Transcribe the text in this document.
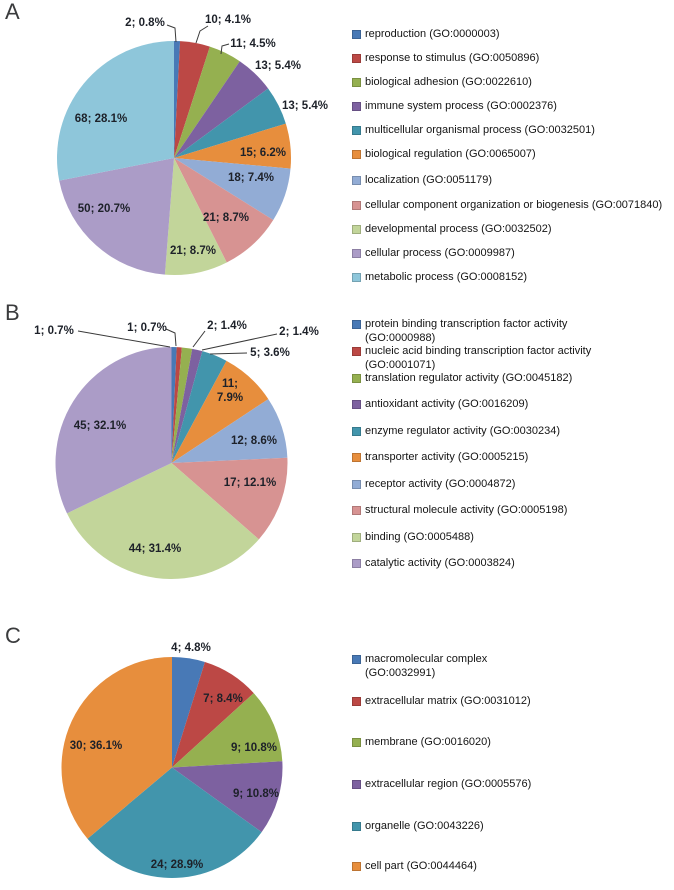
A	2; 0.8%	10; 4.1%
11; 4.5%
13; 5.4%
13; 5.4%
15; 6.2%
18; 7.4%
21; 8.7%
21; 8.7%
50; 20.7%
68; 28.1%
reproduction (GO:0000003)
response to stimulus (GO:0050896)
biological adhesion (GO:0022610)
immune system process (GO:0002376)
multicellular organismal process (GO:0032501)
biological regulation (GO:0065007)
localization (GO:0051179)
cellular component organization or biogenesis (GO:0071840)
developmental process (GO:0032502)
cellular process (GO:0009987)
metabolic process (GO:0008152)
B
1; 0.7%	1; 0.7%	2; 1.4%	2; 1.4%
5; 3.6%
11; 7.9%
12; 8.6%
17; 12.1%
44; 31.4%
45; 32.1%
protein binding transcription factor activity
(GO:0000988)
nucleic acid binding transcription factor activity
(GO:0001071)
translation regulator activity (GO:0045182)
antioxidant activity (GO:0016209)
enzyme regulator activity (GO:0030234)
transporter activity (GO:0005215)
receptor activity (GO:0004872)
structural molecule activity (GO:0005198)
binding (GO:0005488)
catalytic activity (GO:0003824)
C	4; 4.8%
7; 8.4%
9; 10.8%
9; 10.8%
24; 28.9%
30; 36.1%
macromolecular complex
(GO:0032991)
extracellular matrix (GO:0031012)
membrane (GO:0016020)
extracellular region (GO:0005576)
organelle (GO:0043226)
cell part (GO:0044464)
